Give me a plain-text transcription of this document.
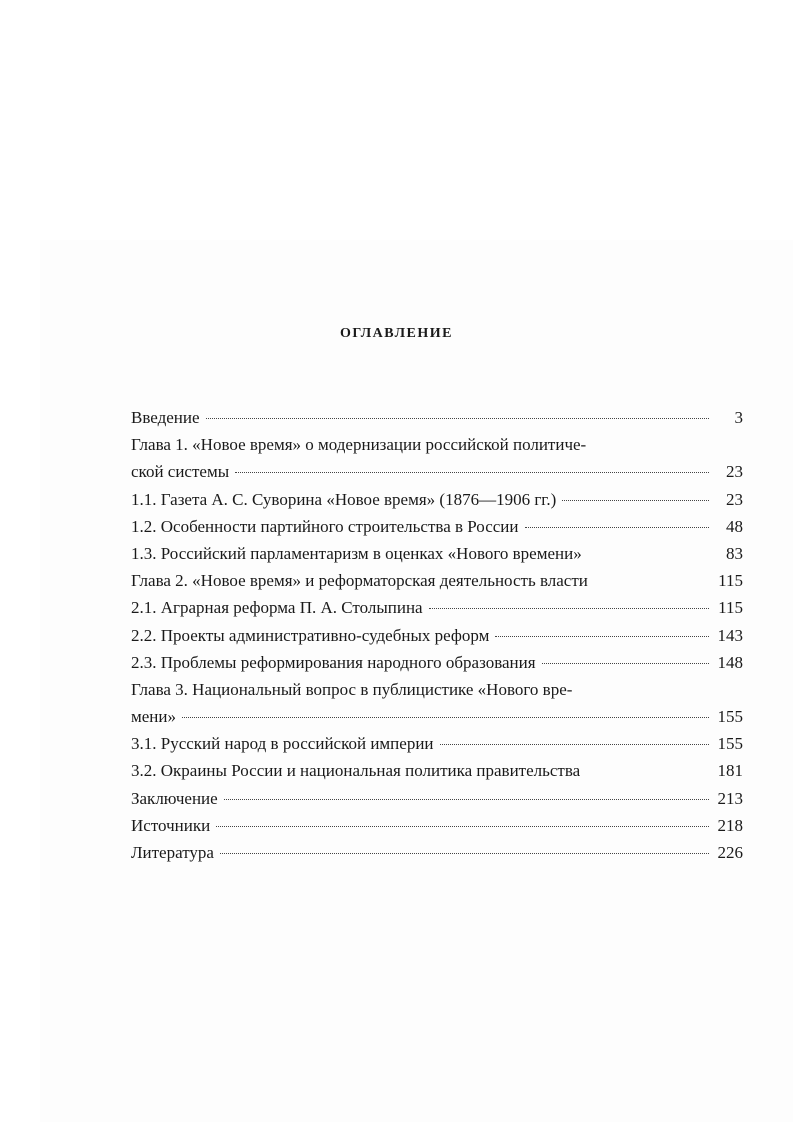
ОГЛАВЛЕНИЕ
Введение	3
Глава 1. «Новое время» о модернизации российской политиче-
ской системы	23
1.1. Газета А. С. Суворина «Новое время» (1876—1906 гг.)	23
1.2. Особенности партийного строительства в России	48
1.3. Российский парламентаризм в оценках «Нового времени»	83
Глава 2. «Новое время» и реформаторская деятельность власти	115
2.1. Аграрная реформа П. А. Столыпина	115
2.2. Проекты административно-судебных реформ	143
2.3. Проблемы реформирования народного образования	148
Глава 3. Национальный вопрос в публицистике «Нового вре-
мени»	155
3.1. Русский народ в российской империи	155
3.2. Окраины России и национальная политика правительства	181
Заключение	213
Источники	218
Литература	226
